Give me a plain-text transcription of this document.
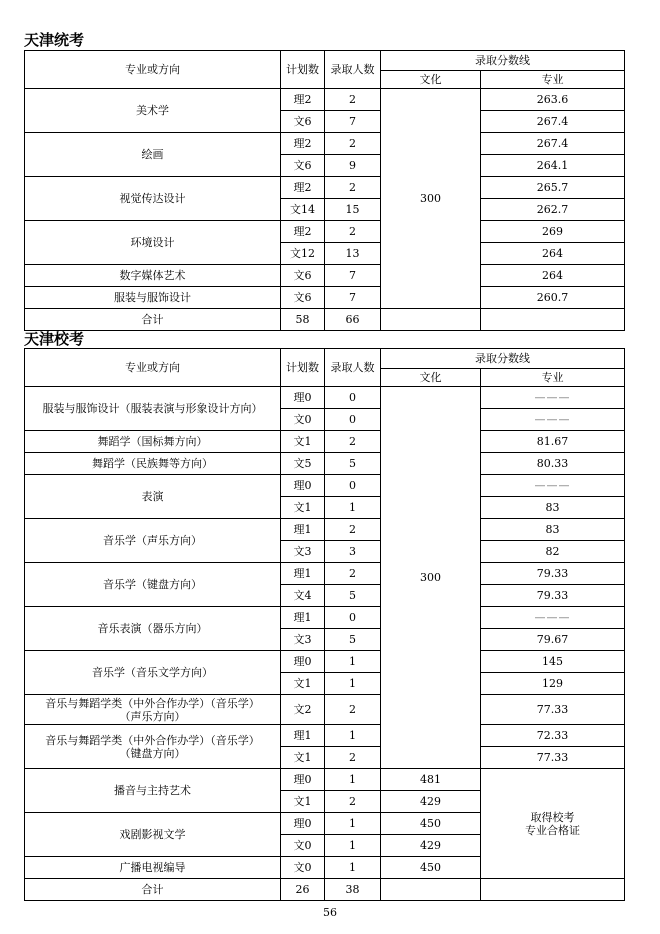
天津统考
专业或方向	计划数	录取人数	录取分数线	
			文化	专业
美术学	理2	2	300	263.6
	文6	7		267.4
绘画	理2	2		267.4
	文6	9		264.1
视觉传达设计	理2	2		265.7
	文14	15		262.7
环境设计	理2	2		269
	文12	13		264
数字媒体艺术	文6	7		264
服装与服饰设计	文6	7		260.7
合计	58	66		
天津校考
专业或方向	计划数	录取人数	录取分数线	
			文化	专业
服装与服饰设计（服装表演与形象设计方向）	理0	0	300	———
	文0	0		———
舞蹈学（国标舞方向）	文1	2		81.67
舞蹈学（民族舞等方向）	文5	5		80.33
表演	理0	0		———
	文1	1		83
音乐学（声乐方向）	理1	2		83
	文3	3		82
音乐学（键盘方向）	理1	2		79.33
	文4	5		79.33
音乐表演（器乐方向）	理1	0		———
	文3	5		79.67
音乐学（音乐文学方向）	理0	1		145
	文1	1		129
音乐与舞蹈学类（中外合作办学）（音乐学）
（声乐方向）	文2	2		77.33
音乐与舞蹈学类（中外合作办学）（音乐学）
（键盘方向）	理1	1		72.33
	文1	2		77.33
播音与主持艺术	理0	1	481	取得校考
专业合格证
	文1	2	429	
戏剧影视文学	理0	1	450	
	文0	1	429	
广播电视编导	文0	1	450	
合计	26	38		
56
